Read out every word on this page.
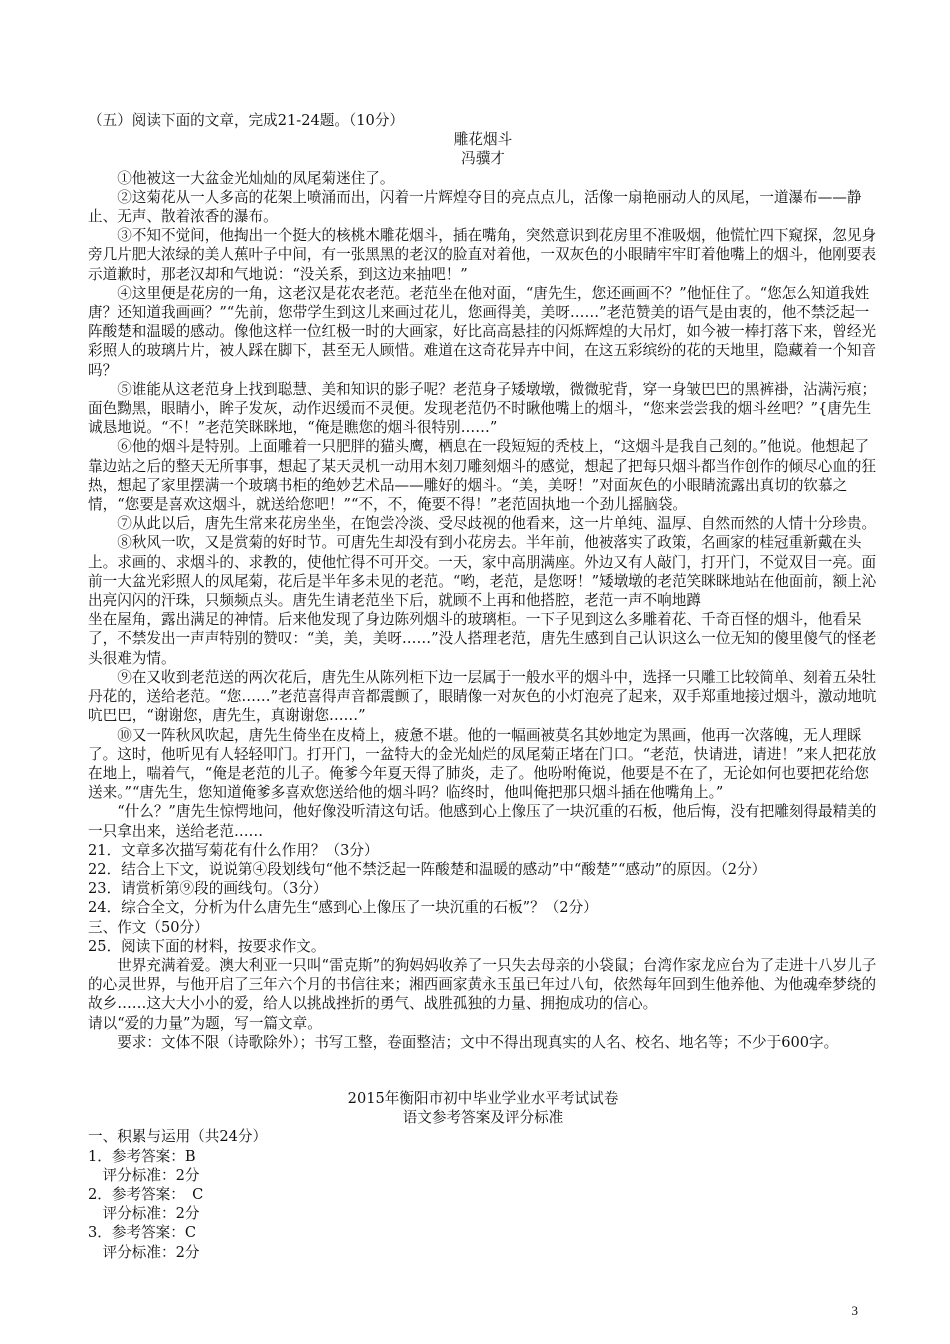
（五）阅读下面的文章，完成21-24题。（10分）
雕花烟斗
冯骥才
①他被这一大盆金光灿灿的凤尾菊迷住了。
②这菊花从一人多高的花架上喷涌而出，闪着一片辉煌夺目的亮点点儿，活像一扇艳丽动人的凤尾，一道瀑布——静止、无声、散着浓香的瀑布。
③不知不觉间，他掏出一个挺大的核桃木雕花烟斗，插在嘴角，突然意识到花房里不准吸烟，他慌忙四下窥探，忽见身旁几片肥大浓绿的美人蕉叶子中间，有一张黑黑的老汉的脸直对着他，一双灰色的小眼睛牢牢盯着他嘴上的烟斗，他刚要表示道歉时，那老汉却和气地说：“没关系，到这边来抽吧！”
④这里便是花房的一角，这老汉是花农老范。老范坐在他对面，“唐先生，您还画画不？”他怔住了。“您怎么知道我姓唐？还知道我画画？”“先前，您带学生到这儿来画过花儿，您画得美，美呀……”老范赞美的语气是由衷的，他不禁泛起一阵酸楚和温暖的感动。像他这样一位红极一时的大画家，好比高高悬挂的闪烁辉煌的大吊灯，如今被一棒打落下来，曾经光彩照人的玻璃片片，被人踩在脚下，甚至无人顾惜。难道在这奇花异卉中间，在这五彩缤纷的花的天地里，隐藏着一个知音吗？
⑤谁能从这老范身上找到聪慧、美和知识的影子呢？老范身子矮墩墩，微微驼背，穿一身皱巴巴的黑裤褂，沾满污痕；面色黝黑，眼睛小，眸子发灰，动作迟缓而不灵便。发现老范仍不时瞅他嘴上的烟斗，“您来尝尝我的烟斗丝吧？”{唐先生诚恳地说。“不！”老范笑眯眯地，“俺是瞧您的烟斗很特别……”
⑥他的烟斗是特别。上面雕着一只肥胖的猫头鹰，栖息在一段短短的秃枝上，“这烟斗是我自己刻的。”他说。他想起了靠边站之后的整天无所事事，想起了某天灵机一动用木刻刀雕刻烟斗的感觉，想起了把每只烟斗都当作创作的倾尽心血的狂热，想起了家里摆满一个玻璃书柜的绝妙艺术品——雕好的烟斗。“美，美呀！”对面灰色的小眼睛流露出真切的钦慕之情，“您要是喜欢这烟斗，就送给您吧！”“不，不，俺要不得！”老范固执地一个劲儿摇脑袋。
⑦从此以后，唐先生常来花房坐坐，在饱尝冷淡、受尽歧视的他看来，这一片单纯、温厚、自然而然的人情十分珍贵。
⑧秋风一吹，又是赏菊的好时节。可唐先生却没有到小花房去。半年前，他被落实了政策，名画家的桂冠重新戴在头上。求画的、求烟斗的、求教的，使他忙得不可开交。一天，家中高朋满座。外边又有人敲门，打开门，不觉双目一亮。面前一大盆光彩照人的凤尾菊，花后是半年多未见的老范。“哟，老范，是您呀！”矮墩墩的老范笑眯眯地站在他面前，额上沁出亮闪闪的汗珠，只频频点头。唐先生请老范坐下后，就顾不上再和他搭腔，老范一声不响地蹲
坐在屋角，露出满足的神情。后来他发现了身边陈列烟斗的玻璃柜。一下子见到这么多雕着花、千奇百怪的烟斗，他看呆了，不禁发出一声声特别的赞叹：“美，美，美呀……”没人搭理老范，唐先生感到自己认识这么一位无知的傻里傻气的怪老头很难为情。
⑨在又收到老范送的两次花后，唐先生从陈列柜下边一层属于一般水平的烟斗中，选择一只雕工比较简单、刻着五朵牡丹花的，送给老范。“您……”老范喜得声音都震颤了，眼睛像一对灰色的小灯泡亮了起来，双手郑重地接过烟斗，激动地吭吭巴巴，“谢谢您，唐先生，真谢谢您……”
⑩又一阵秋风吹起，唐先生倚坐在皮椅上，疲惫不堪。他的一幅画被莫名其妙地定为黑画，他再一次落魄，无人理睬了。这时，他听见有人轻轻叩门。打开门，一盆特大的金光灿烂的凤尾菊正堵在门口。“老范，快请进，请进！”来人把花放在地上，喘着气，“俺是老范的儿子。俺爹今年夏天得了肺炎，走了。他吩咐俺说，他要是不在了，无论如何也要把花给您送来。”“唐先生，您知道俺爹多喜欢您送给他的烟斗吗？临终时，他叫俺把那只烟斗插在他嘴角上。”
“什么？”唐先生惊愕地问，他好像没听清这句话。他感到心上像压了一块沉重的石板，他后悔，没有把雕刻得最精美的一只拿出来，送给老范……
21．文章多次描写菊花有什么作用？（3分）
22．结合上下文，说说第④段划线句“他不禁泛起一阵酸楚和温暖的感动”中“酸楚”“感动”的原因。（2分）
23．请赏析第⑨段的画线句。（3分）
24．综合全文，分析为什么唐先生“感到心上像压了一块沉重的石板”？（2分）
三、作文（50分）
25．阅读下面的材料，按要求作文。
世界充满着爱。澳大利亚一只叫“雷克斯”的狗妈妈收养了一只失去母亲的小袋鼠；台湾作家龙应台为了走进十八岁儿子的心灵世界，与他开启了三年六个月的书信往来；湘西画家黄永玉虽已年过八旬，依然每年回到生他养他、为他魂牵梦绕的故乡……这大大小小的爱，给人以挑战挫折的勇气、战胜孤独的力量、拥抱成功的信心。
请以“爱的力量”为题，写一篇文章。
要求：文体不限（诗歌除外）；书写工整，卷面整洁；文中不得出现真实的人名、校名、地名等；不少于600字。
2015年衡阳市初中毕业学业水平考试试卷
语文参考答案及评分标准
一、积累与运用（共24分）
1．参考答案：B
评分标准：2分
2．参考答案：　C
评分标准：2分
3．参考答案：C
评分标准：2分
3
